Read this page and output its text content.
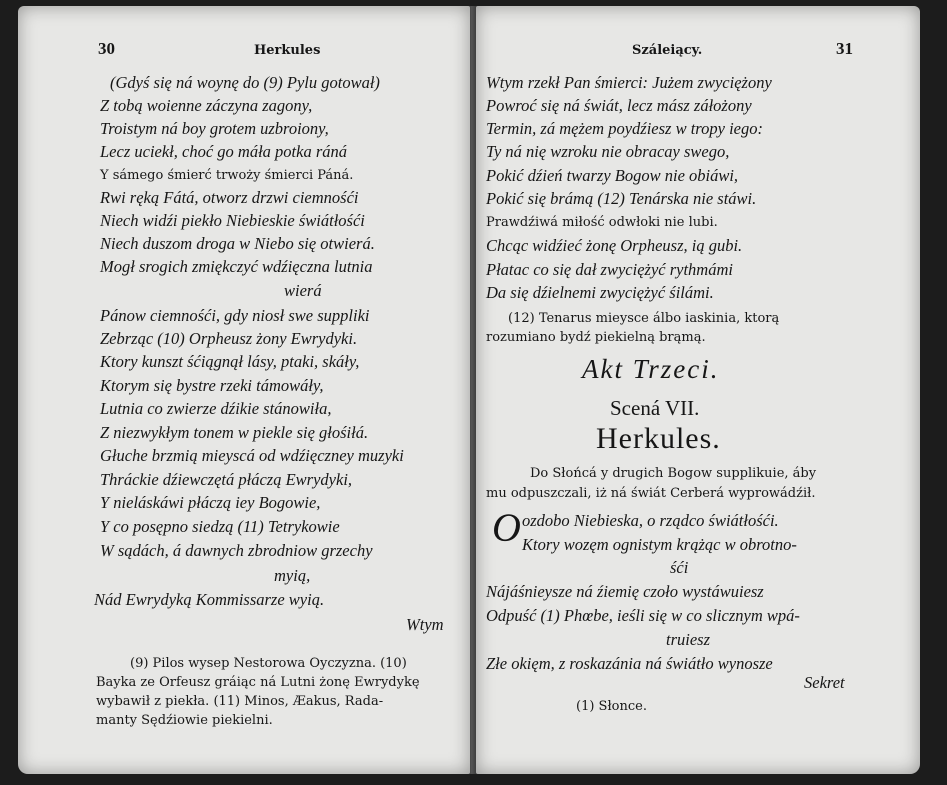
30	Herkules
(Gdyś się ná woynę do (9) Pylu gotował)
Z tobą woienne záczyna zagony,
Troistym ná boy grotem uzbroiony,
Lecz uciekł, choć go máła potka ráná
Y sámego śmierć trwoży śmierci Páná.
Rwi ręką Fátá, otworz drzwi ciemnośći
Niech widźi piekło Niebieskie świátłośći
Niech duszom droga w Niebo się otwierá.
Mogł srogich zmiękczyć wdźięczna lutnia
wierá
Pánow ciemnośći, gdy niosł swe suppliki
Zebrząc (10) Orpheusz żony Ewrydyki.
Ktory kunszt śćiągnął lásy, ptaki, skáły,
Ktorym się bystre rzeki támowáły,
Lutnia co zwierze dźikie stánowiła,
Z niezwykłym tonem w piekle się głośiłá.
Głuche brzmią mieyscá od wdźięczney muzyki
Thráckie dźiewczętá płáczą Ewrydyki,
Y nieláskáwi płáczą iey Bogowie,
Y co posępno siedzą (11) Tetrykowie
W sądách, á dawnych zbrodniow grzechy
myią,
Nád Ewrydyką Kommissarze wyią.
Wtym
(9) Pilos wysep Nestorowa Oyczyzna. (10)
Bayka ze Orfeusz gráiąc ná Lutni żonę Ewrydykę
wybawił z piekła. (11) Minos, Æakus, Rada-
manty Sędźiowie piekielni.
Száleiący.	31
Wtym rzekł Pan śmierci: Jużem zwyciężony
Powroć się ná świát, lecz mász záłożony
Termin, zá mężem poydźiesz w tropy iego:
Ty ná nię wzroku nie obracay swego,
Pokić dźień twarzy Bogow nie obiáwi,
Pokić się brámą (12) Tenárska nie stáwi.
Prawdźiwá miłość odwłoki nie lubi.
Chcąc widźieć żonę Orpheusz, ią gubi.
Płatac co się dał zwyciężyć rythmámi
Da się dźielnemi zwyciężyć śilámi.
(12) Tenarus mieysce álbo iaskinia, ktorą
rozumiano bydź piekielną brąmą.
Akt Trzeci.
Scená VII.
Herkules.
Do Słońcá y drugich Bogow supplikuie, áby
mu odpuszczali, iż ná świát Cerberá wyprowádźił.
O ozdobo Niebieska, o rządco świátłośći.
Ktory wozęm ognistym krążąc w obrotno-
śći
Nájáśnieysze ná źiemię czoło wystáwuiesz
Odpuść (1) Phœbe, ieśli się w co slicznym wpá-
truiesz
Złe okięm, z roskazánia ná świátło wynosze
Sekret
(1) Słonce.
